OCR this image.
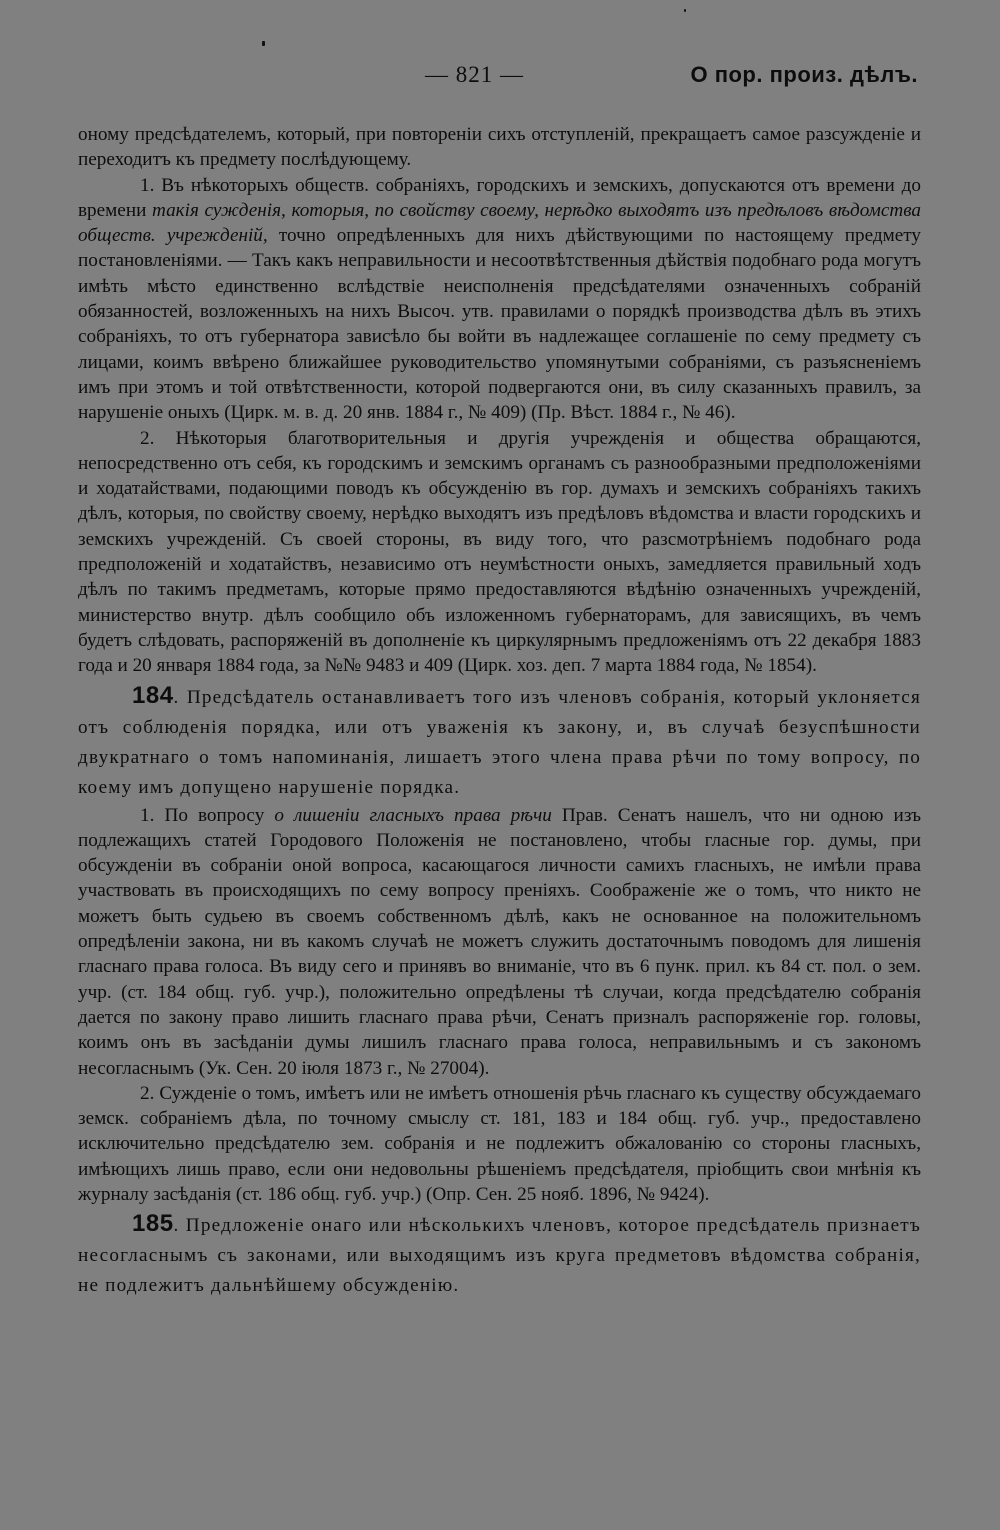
— 821 —	О пор. произ. дѣлъ.

оному предсѣдателемъ, который, при повтореніи сихъ отступленій, прекращаетъ самое разсужденіе и переходитъ къ предмету послѣдующему.

1. Въ нѣкоторыхъ обществ. собраніяхъ, городскихъ и земскихъ, допускаются отъ времени до времени такія сужденія, которыя, по свойству своему, нерѣдко выходятъ изъ предѣловъ вѣдомства обществ. учрежденій, точно опредѣленныхъ для нихъ дѣйствующими по настоящему предмету постановленіями. — Такъ какъ неправильности и несоотвѣтственныя дѣйствія подобнаго рода могутъ имѣть мѣсто единственно вслѣдствіе неисполненія предсѣдателями означенныхъ собраній обязанностей, возложенныхъ на нихъ Высоч. утв. правилами о порядкѣ производства дѣлъ въ этихъ собраніяхъ, то отъ губернатора зависѣло бы войти въ надлежащее соглашеніе по сему предмету съ лицами, коимъ ввѣрено ближайшее руководительство упомянутыми собраніями, съ разъясненіемъ имъ при этомъ и той отвѣтственности, которой подвергаются они, въ силу сказанныхъ правилъ, за нарушеніе оныхъ (Цирк. м. в. д. 20 янв. 1884 г., № 409) (Пр. Вѣст. 1884 г., № 46).

2. Нѣкоторыя благотворительныя и другія учрежденія и общества обращаются, непосредственно отъ себя, къ городскимъ и земскимъ органамъ съ разнообразными предположеніями и ходатайствами, подающими поводъ къ обсужденію въ гор. думахъ и земскихъ собраніяхъ такихъ дѣлъ, которыя, по свойству своему, нерѣдко выходятъ изъ предѣловъ вѣдомства и власти городскихъ и земскихъ учрежденій. Съ своей стороны, въ виду того, что разсмотрѣніемъ подобнаго рода предположеній и ходатайствъ, независимо отъ неумѣстности оныхъ, замедляется правильный ходъ дѣлъ по такимъ предметамъ, которые прямо предоставляются вѣдѣнію означенныхъ учрежденій, министерство внутр. дѣлъ сообщило объ изложенномъ губернаторамъ, для зависящихъ, въ чемъ будетъ слѣдовать, распоряженій въ дополненіе къ циркулярнымъ предложеніямъ отъ 22 декабря 1883 года и 20 января 1884 года, за №№ 9483 и 409 (Цирк. хоз. деп. 7 марта 1884 года, № 1854).

184. Предсѣдатель останавливаетъ того изъ членовъ собранія, который уклоняется отъ соблюденія порядка, или отъ уваженія къ закону, и, въ случаѣ безуспѣшности двукратнаго о томъ напоминанія, лишаетъ этого члена права рѣчи по тому вопросу, по коему имъ допущено нарушеніе порядка.

1. По вопросу о лишеніи гласныхъ права рѣчи Прав. Сенатъ нашелъ, что ни одною изъ подлежащихъ статей Городового Положенія не постановлено, чтобы гласные гор. думы, при обсужденіи въ собраніи оной вопроса, касающагося личности самихъ гласныхъ, не имѣли права участвовать въ происходящихъ по сему вопросу преніяхъ. Соображеніе же о томъ, что никто не можетъ быть судьею въ своемъ собственномъ дѣлѣ, какъ не основанное на положительномъ опредѣленіи закона, ни въ какомъ случаѣ не можетъ служить достаточнымъ поводомъ для лишенія гласнаго права голоса. Въ виду сего и принявъ во вниманіе, что въ 6 пунк. прил. къ 84 ст. пол. о зем. учр. (ст. 184 общ. губ. учр.), положительно опредѣлены тѣ случаи, когда предсѣдателю собранія дается по закону право лишить гласнаго права рѣчи, Сенатъ призналъ распоряженіе гор. головы, коимъ онъ въ засѣданіи думы лишилъ гласнаго права голоса, неправильнымъ и съ закономъ несогласнымъ (Ук. Сен. 20 іюля 1873 г., № 27004).

2. Сужденіе о томъ, имѣетъ или не имѣетъ отношенія рѣчь гласнаго къ существу обсуждаемаго земск. собраніемъ дѣла, по точному смыслу ст. 181, 183 и 184 общ. губ. учр., предоставлено исключительно предсѣдателю зем. собранія и не подлежитъ обжалованію со стороны гласныхъ, имѣющихъ лишь право, если они недовольны рѣшеніемъ предсѣдателя, пріобщить свои мнѣнія къ журналу засѣданія (ст. 186 общ. губ. учр.) (Опр. Сен. 25 нояб. 1896, № 9424).

185. Предложеніе онаго или нѣсколькихъ членовъ, которое предсѣдатель признаетъ несогласнымъ съ законами, или выходящимъ изъ круга предметовъ вѣдомства собранія, не подлежитъ дальнѣйшему обсужденію.
